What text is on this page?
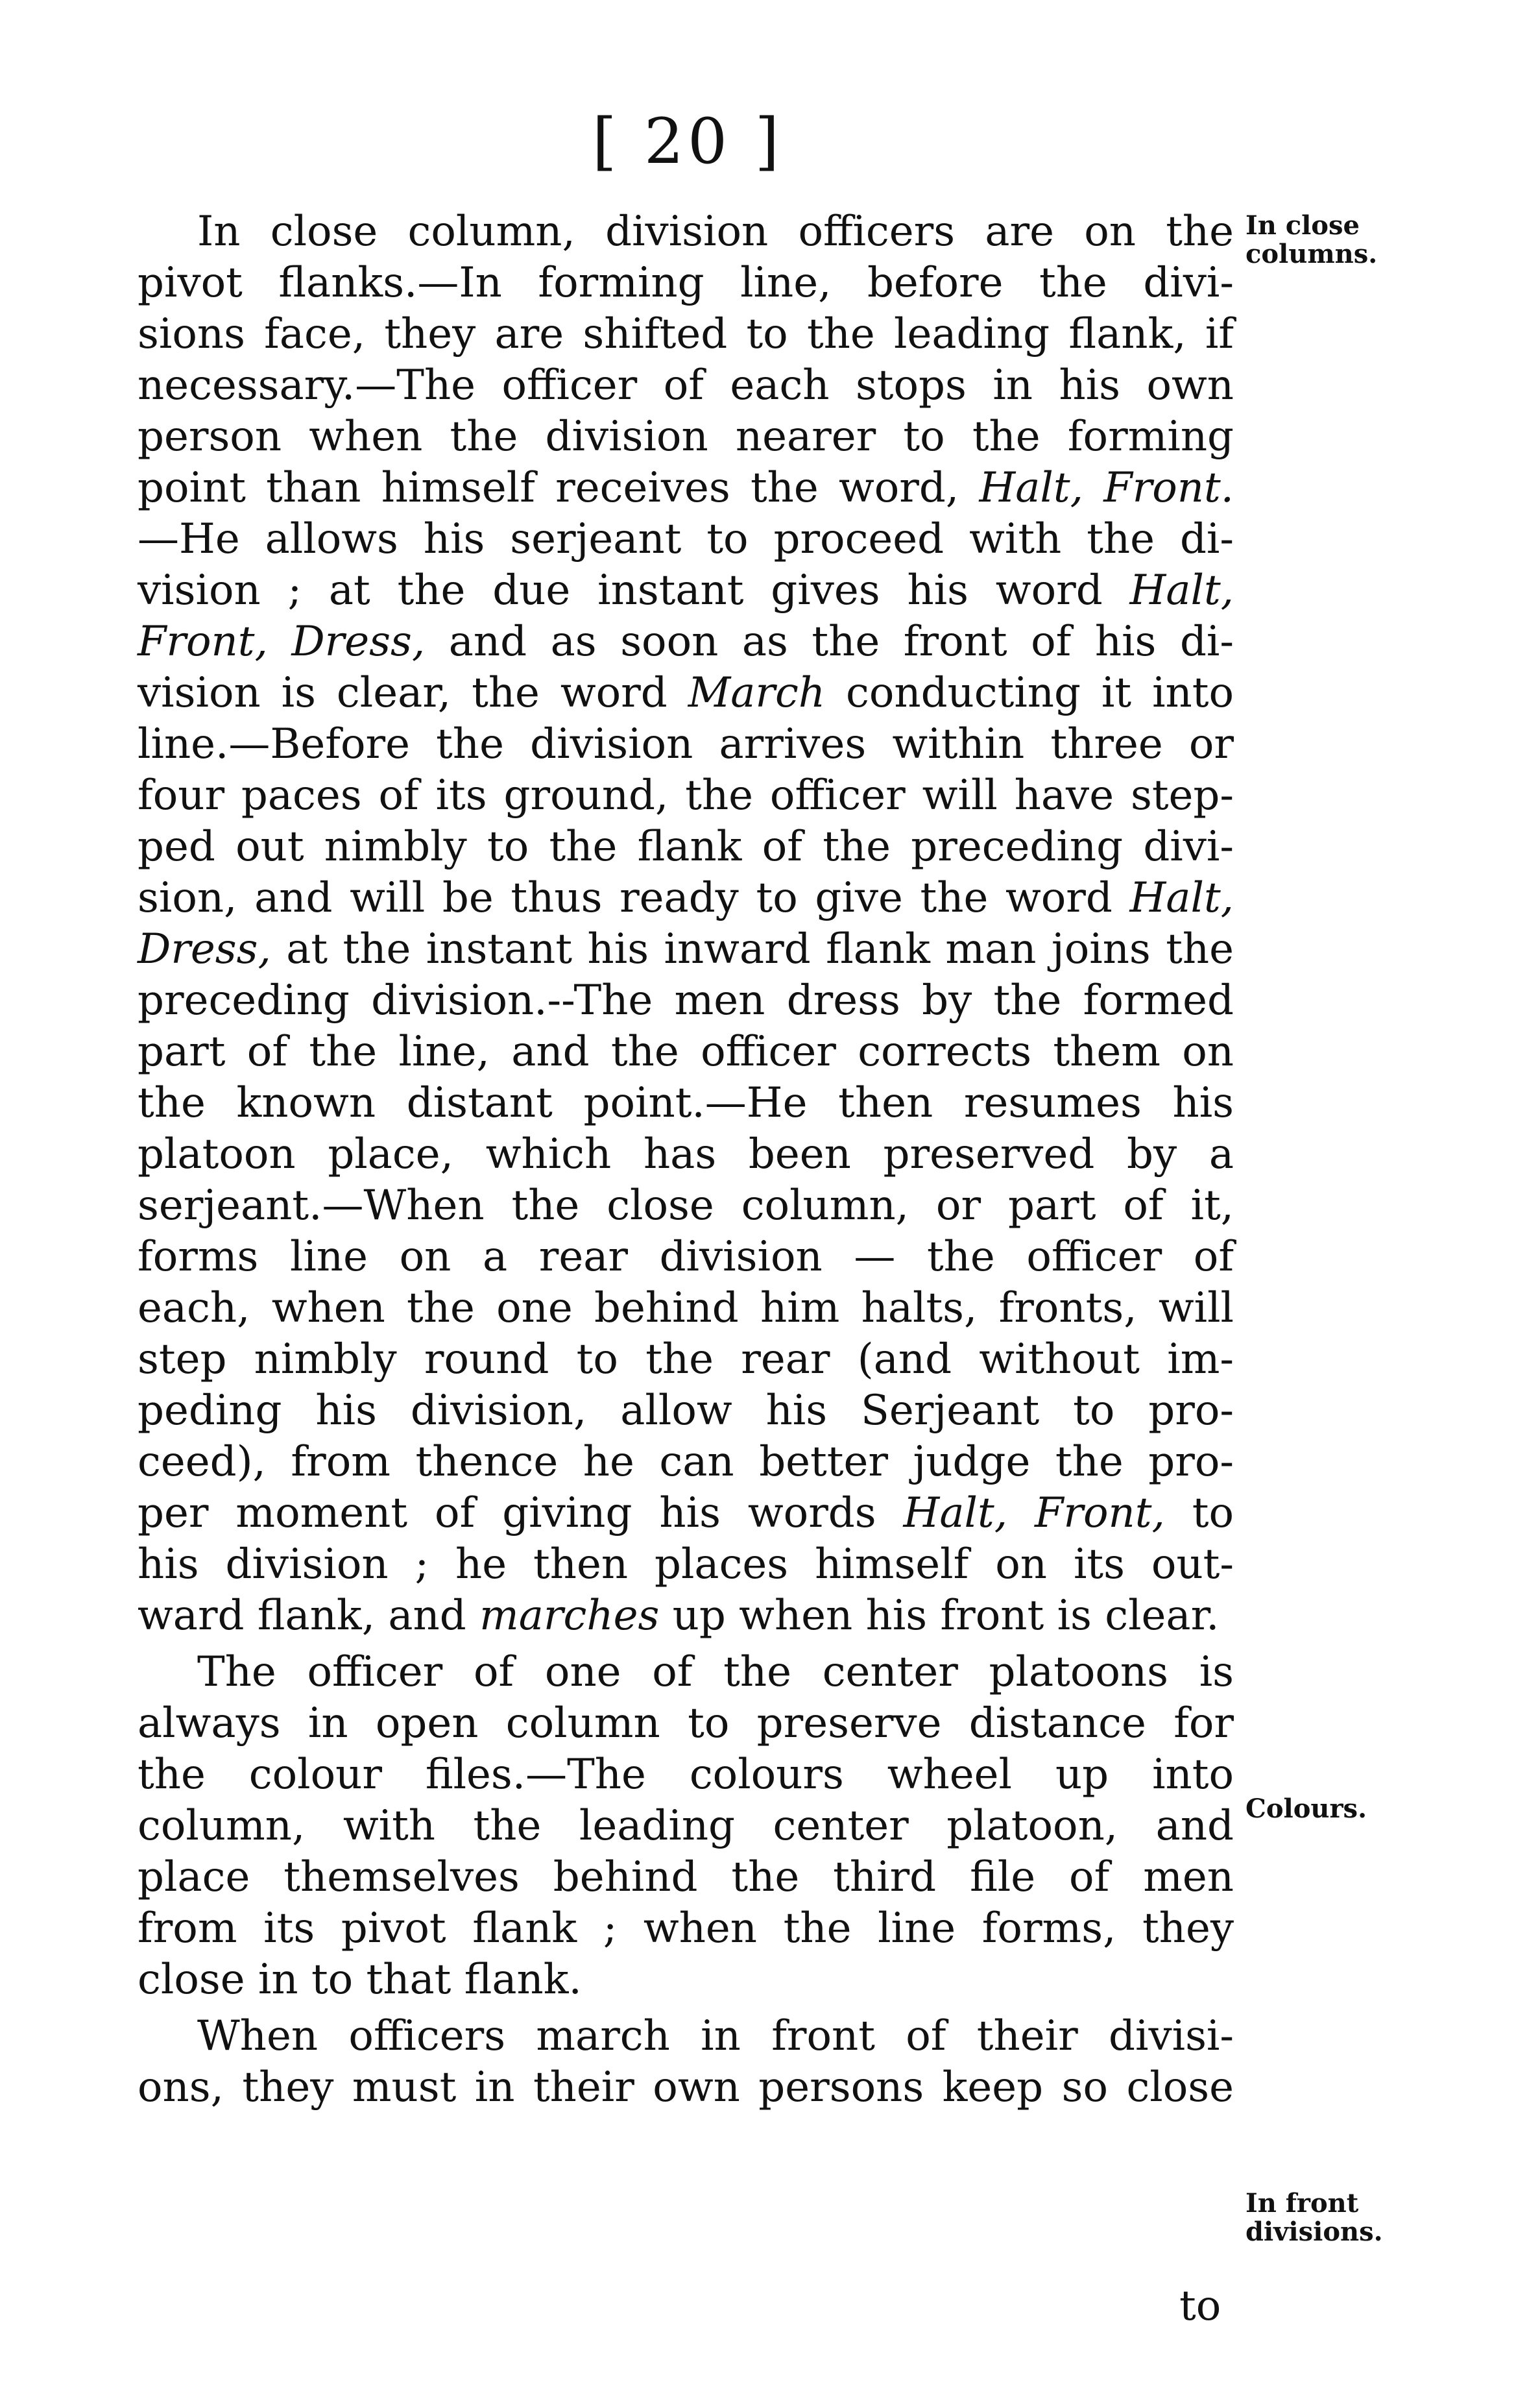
[ 20 ]
In close
columns.
Colours.
In front
divisions.
In close column, division officers are on the
pivot flanks.—In forming line, before the divi-
sions face, they are shifted to the leading flank, if
necessary.—The officer of each stops in his own
person when the division nearer to the forming
point than himself receives the word, Halt, Front.
—He allows his serjeant to proceed with the di-
vision ; at the due instant gives his word Halt,
Front, Dress, and as soon as the front of his di-
vision is clear, the word March conducting it into
line.—Before the division arrives within three or
four paces of its ground, the officer will have step-
ped out nimbly to the flank of the preceding divi-
sion, and will be thus ready to give the word Halt,
Dress, at the instant his inward flank man joins the
preceding division.--The men dress by the formed
part of the line, and the officer corrects them on
the known distant point.—He then resumes his
platoon place, which has been preserved by a
serjeant.—When the close column, or part of it,
forms line on a rear division — the officer of
each, when the one behind him halts, fronts, will
step nimbly round to the rear (and without im-
peding his division, allow his Serjeant to pro-
ceed), from thence he can better judge the pro-
per moment of giving his words Halt, Front, to
his division ; he then places himself on its out-
ward flank, and marches up when his front is clear.
The officer of one of the center platoons is
always in open column to preserve distance for
the colour files.—The colours wheel up into
column, with the leading center platoon, and
place themselves behind the third file of men
from its pivot flank ; when the line forms, they
close in to that flank.
When officers march in front of their divisi-
ons, they must in their own persons keep so close
to
